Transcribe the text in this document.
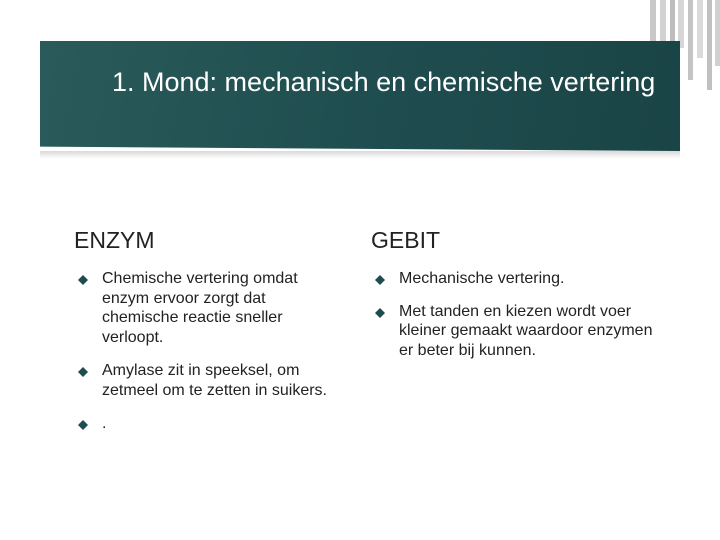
1. Mond: mechanisch en chemische vertering
ENZYM
Chemische vertering omdat enzym ervoor zorgt dat chemische reactie sneller verloopt.
Amylase zit in speeksel, om zetmeel om te zetten in suikers.
.
GEBIT
Mechanische vertering.
Met tanden en kiezen wordt voer kleiner gemaakt waardoor enzymen er beter bij kunnen.
